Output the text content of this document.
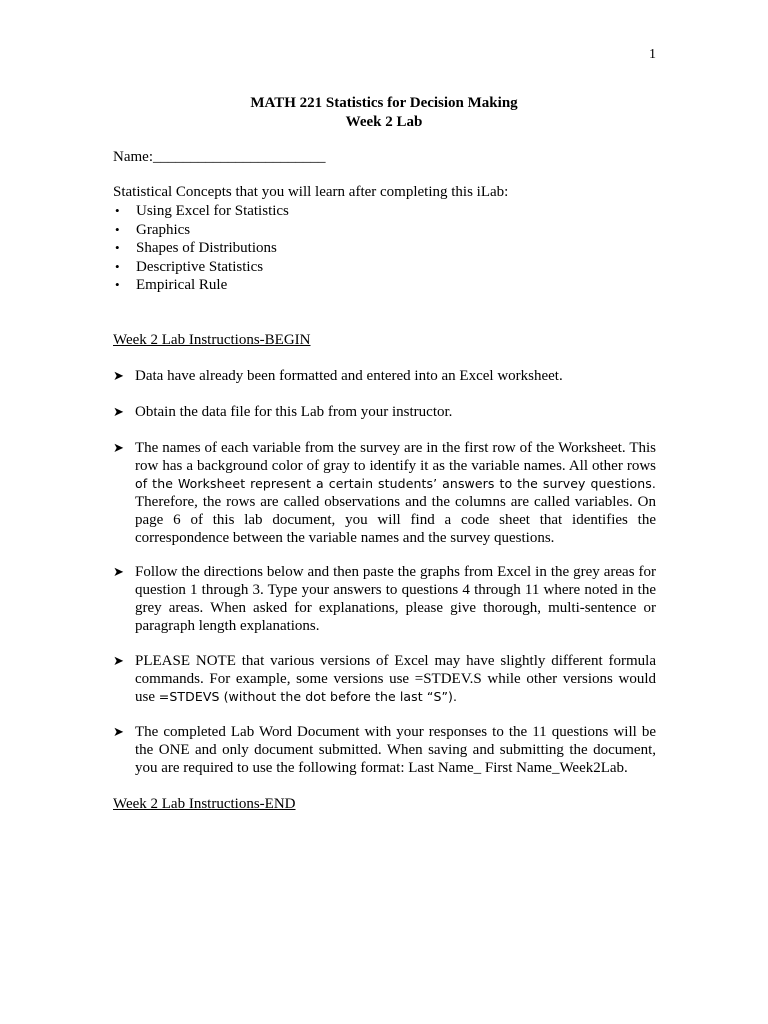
1
MATH 221 Statistics for Decision Making
Week 2 Lab
Name:_______________________
Statistical Concepts that you will learn after completing this iLab:
• Using Excel for Statistics
• Graphics
• Shapes of Distributions
• Descriptive Statistics
• Empirical Rule
Week 2 Lab Instructions-BEGIN
➤ Data have already been formatted and entered into an Excel worksheet.
➤ Obtain the data file for this Lab from your instructor.
➤ The names of each variable from the survey are in the first row of the Worksheet. This row has a background color of gray to identify it as the variable names. All other rows of the Worksheet represent a certain students’ answers to the survey questions. Therefore, the rows are called observations and the columns are called variables. On page 6 of this lab document, you will find a code sheet that identifies the correspondence between the variable names and the survey questions.
➤ Follow the directions below and then paste the graphs from Excel in the grey areas for question 1 through 3. Type your answers to questions 4 through 11 where noted in the grey areas. When asked for explanations, please give thorough, multi-sentence or paragraph length explanations.
➤ PLEASE NOTE that various versions of Excel may have slightly different formula commands. For example, some versions use =STDEV.S while other versions would use =STDEVS (without the dot before the last “S”).
➤ The completed Lab Word Document with your responses to the 11 questions will be the ONE and only document submitted. When saving and submitting the document, you are required to use the following format: Last Name_ First Name_Week2Lab.
Week 2 Lab Instructions-END
